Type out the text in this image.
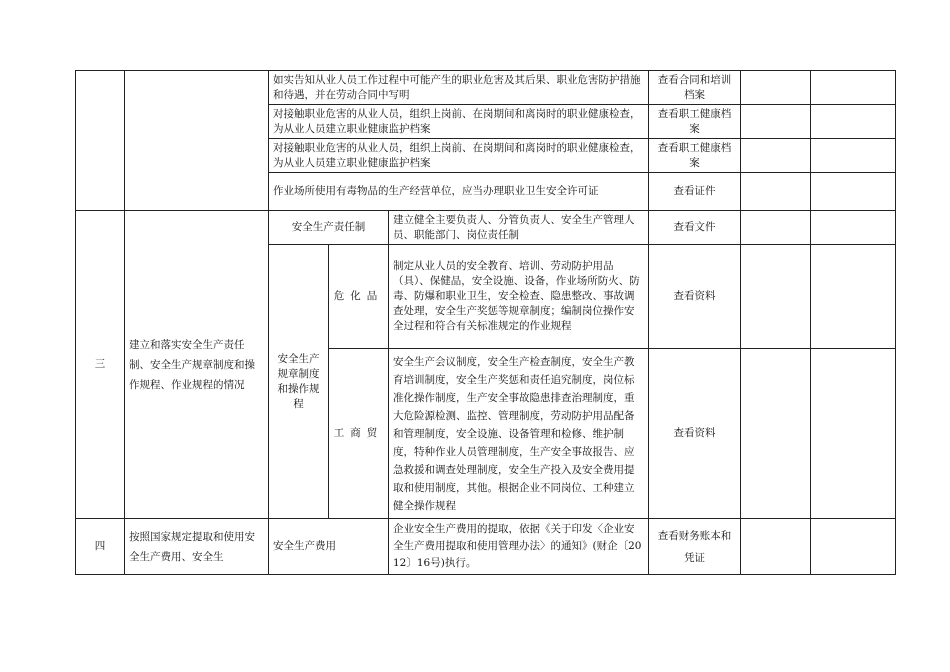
		如实告知从业人员工作过程中可能产生的职业危害及其后果、职业危害防护措施和待遇，并在劳动合同中写明			查看合同和培训档案		
		对接触职业危害的从业人员，组织上岗前、在岗期间和离岗时的职业健康检查，为从业人员建立职业健康监护档案			查看职工健康档案		
		对接触职业危害的从业人员，组织上岗前、在岗期间和离岗时的职业健康检查，为从业人员建立职业健康监护档案			查看职工健康档案		
		作业场所使用有毒物品的生产经营单位，应当办理职业卫生安全许可证			查看证件		
三	建立和落实安全生产责任制、安全生产规章制度和操作规程、作业规程的情况	安全生产责任制		建立健全主要负责人、分管负责人、安全生产管理人员、职能部门、岗位责任制	查看文件		
		安全生产规章制度和操作规程	危化品	制定从业人员的安全教育、培训、劳动防护用品（具）、保健品，安全设施、设备，作业场所防火、防毒、防爆和职业卫生，安全检查、隐患整改、事故调查处理，安全生产奖惩等规章制度；编制岗位操作安全过程和符合有关标准规定的作业规程	查看资料		
			工商贸	安全生产会议制度，安全生产检查制度，安全生产教育培训制度，安全生产奖惩和责任追究制度，岗位标准化操作制度，生产安全事故隐患排查治理制度，重大危险源检测、监控、管理制度，劳动防护用品配备和管理制度，安全设施、设备管理和检修、维护制度，特种作业人员管理制度，生产安全事故报告、应急救援和调查处理制度，安全生产投入及安全费用提取和使用制度，其他。根据企业不同岗位、工种建立健全操作规程	查看资料		
四	按照国家规定提取和使用安全生产费用、安全生	安全生产费用		企业安全生产费用的提取，依据《关于印发〈企业安全生产费用提取和使用管理办法〉的通知》(财企〔2012〕16号)执行。	查看财务账本和凭证		
